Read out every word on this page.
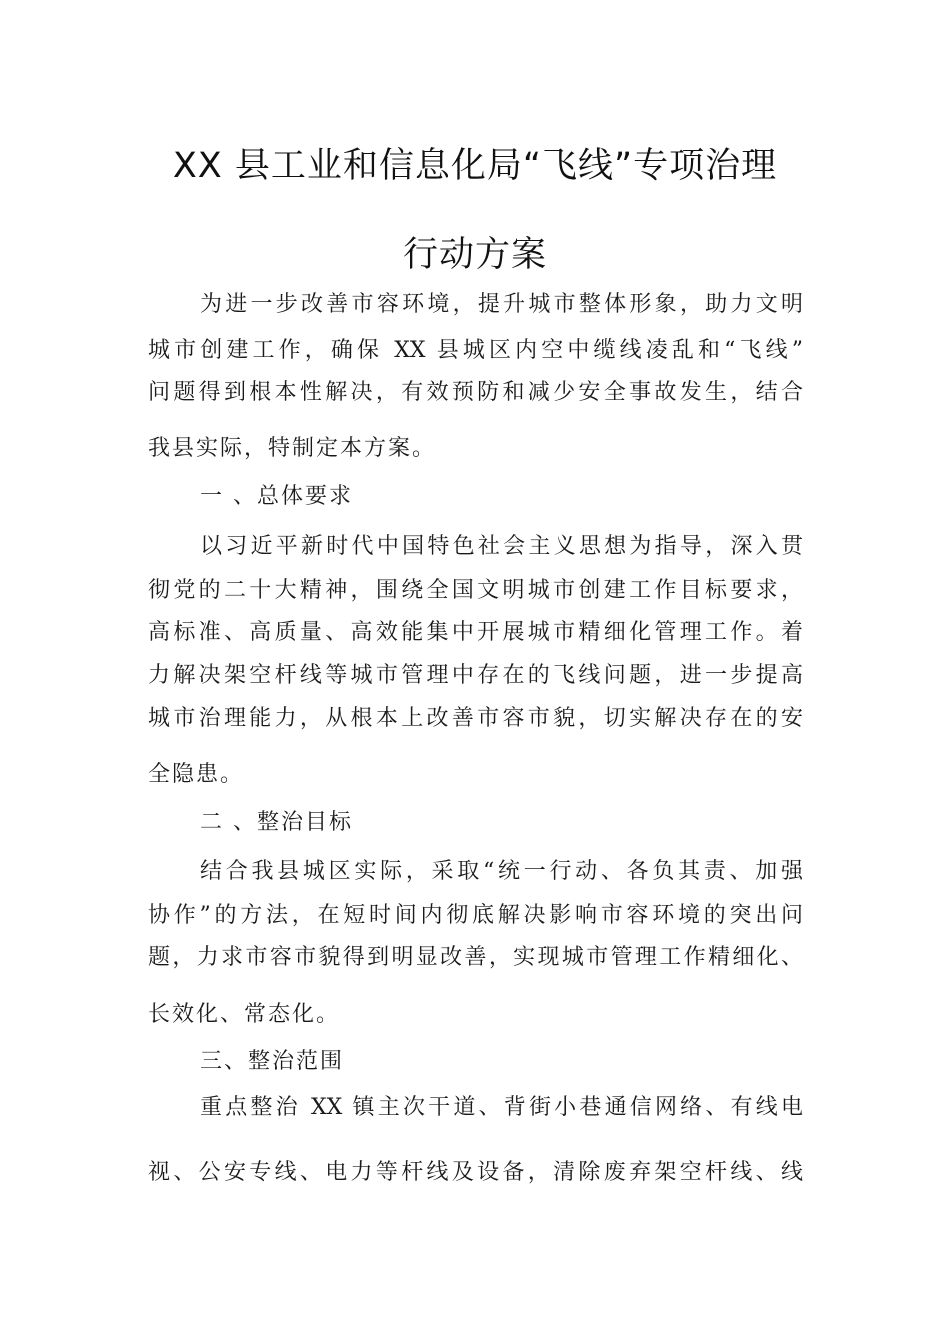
XX 县工业和信息化局“飞线”专项治理
行动方案
为进一步改善市容环境，提升城市整体形象，助力文明
城市创建工作，确保 XX 县城区内空中缆线凌乱和“飞线”
问题得到根本性解决，有效预防和减少安全事故发生，结合
我县实际，特制定本方案。
一 、总体要求
以习近平新时代中国特色社会主义思想为指导，深入贯
彻党的二十大精神，围绕全国文明城市创建工作目标要求，
高标准、高质量、高效能集中开展城市精细化管理工作。着
力解决架空杆线等城市管理中存在的飞线问题，进一步提高
城市治理能力，从根本上改善市容市貌，切实解决存在的安
全隐患。
二 、整治目标
结合我县城区实际，采取“统一行动、各负其责、加强
协作”的方法，在短时间内彻底解决影响市容环境的突出问
题，力求市容市貌得到明显改善，实现城市管理工作精细化、
长效化、常态化。
三、整治范围
重点整治 XX 镇主次干道、背街小巷通信网络、有线电
视、公安专线、电力等杆线及设备，清除废弃架空杆线、线
